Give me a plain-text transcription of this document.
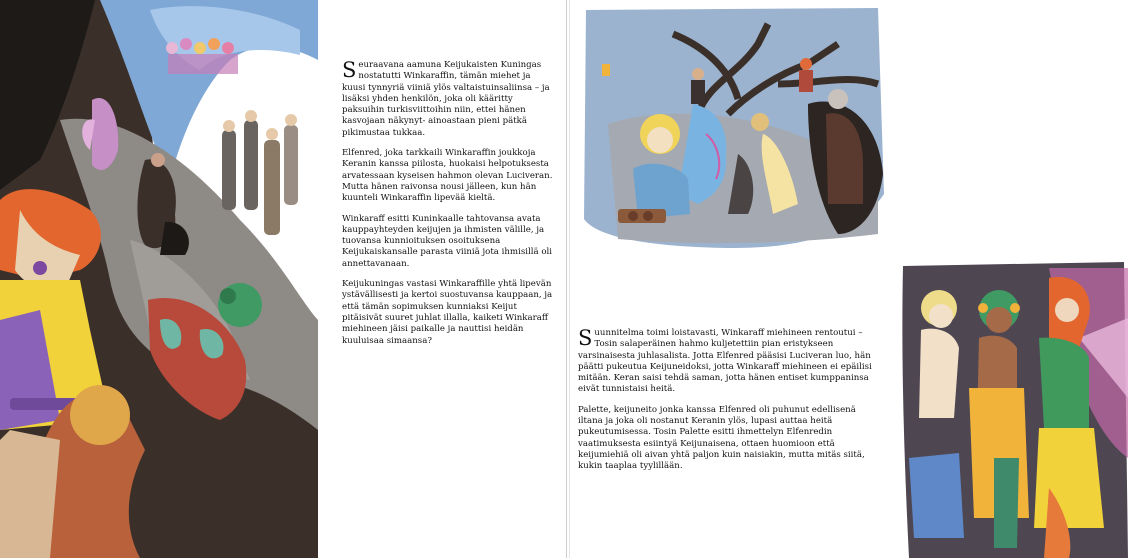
Seuraavana aamuna Keijukaisten Kuningas nostatutti Winkaraffin, tämän miehet ja kuusi tynnyriä viiniä ylös valtaistuinsaliinsa – ja lisäksi yhden henkilön, joka oli kääritty paksuihin turkisviittoihin niin, ettei hänen kasvojaan näkynyt- ainoastaan pieni pätkä pikimustaa tukkaa.

Elfenred, joka tarkkaili Winkaraffin joukkoja Keranin kanssa piilosta, huokaisi helpotuksesta arvatessaan kyseisen hahmon olevan Luciveran. Mutta hänen raivonsa nousi jälleen, kun hän kuunteli Winkaraffin lipevää kieltä.

Winkaraff esitti Kuninkaalle tahtovansa avata kauppayhteyden keijujen ja ihmisten välille, ja tuovansa kunnioituksen osoituksena Keijukaiskansalle parasta viiniä jota ihmisillä oli annettavanaan.

Keijukuningas vastasi Winkaraffille yhtä lipevän ystävällisesti ja kertoi suostuvansa kauppaan, ja että tämän sopimuksen kunniaksi Keijut pitäisivät suuret juhlat illalla, kaiketi Winkaraff miehineen jäisi paikalle ja nauttisi heidän kuuluisaa simaansa?	Suunnitelma toimi loistavasti, Winkaraff miehineen rentoutui – Tosin salaperäinen hahmo kuljetettiin pian eristykseen varsinaisesta juhlasalista. Jotta Elfenred pääsisi Luciveran luo, hän päätti pukeutua Keijuneidoksi, jotta Winkaraff miehineen ei epäilisi mitään. Keran saisi tehdä saman, jotta hänen entiset kumppaninsa eivät tunnistaisi heitä.

Palette, keijuneito jonka kanssa Elfenred oli puhunut edellisenä iltana ja joka oli nostanut Keranin ylös, lupasi auttaa heitä pukeutumisessa. Tosin Palette esitti ihmettelyn Elfenredin vaatimuksesta esiintyä Keijunaisena, ottaen huomioon että keijumiehiä oli aivan yhtä paljon kuin naisiakin, mutta mitäs siitä, kukin taaplaa tyylillään.
